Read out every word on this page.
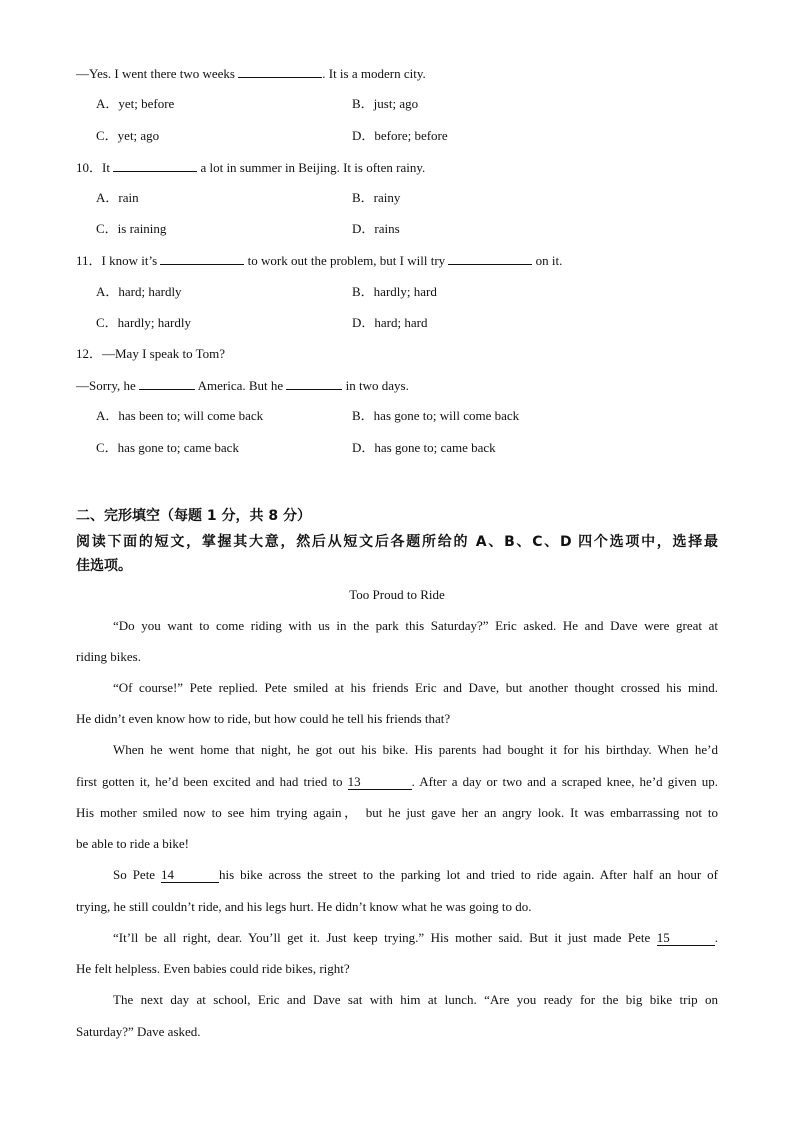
—Yes. I went there two weeks	. It is a modern city.
A．yet; before	B．just; ago
C．yet; ago	D．before; before
10．It	a lot in summer in Beijing. It is often rainy.
A．rain	B．rainy
C．is raining	D．rains
11．I know it’s	to work out the problem, but I will try	on it.
A．hard; hardly	B．hardly; hard
C．hardly; hardly	D．hard; hard
12．—May I speak to Tom?
—Sorry, he	America. But he	in two days.
A．has been to; will come back	B．has gone to; will come back
C．has gone to; came back	D．has gone to; came back
二、完形填空（每题 1 分，共 8 分）
阅读下面的短文，掌握其大意，然后从短文后各题所给的 A、B、C、D 四个选项中，选择最
佳选项。
Too Proud to Ride
“Do you want to come riding with us in the park this Saturday?” Eric asked. He and Dave were great at
riding bikes.
“Of course!” Pete replied. Pete smiled at his friends Eric and Dave, but another thought crossed his mind.
He didn’t even know how to ride, but how could he tell his friends that?
When he went home that night, he got out his bike. His parents had bought it for his birthday. When he’d
first gotten it, he’d been excited and had tried to 13	. After a day or two and a scraped knee, he’d given up.
His mother smiled now to see him trying again， but he just gave her an angry look. It was embarrassing not to
be able to ride a bike!
So Pete 14	his bike across the street to the parking lot and tried to ride again. After half an hour of
trying, he still couldn’t ride, and his legs hurt. He didn’t know what he was going to do.
“It’ll be all right, dear. You’ll get it. Just keep trying.” His mother said. But it just made Pete 15	.
He felt helpless. Even babies could ride bikes, right?
The next day at school, Eric and Dave sat with him at lunch. “Are you ready for the big bike trip on
Saturday?” Dave asked.
